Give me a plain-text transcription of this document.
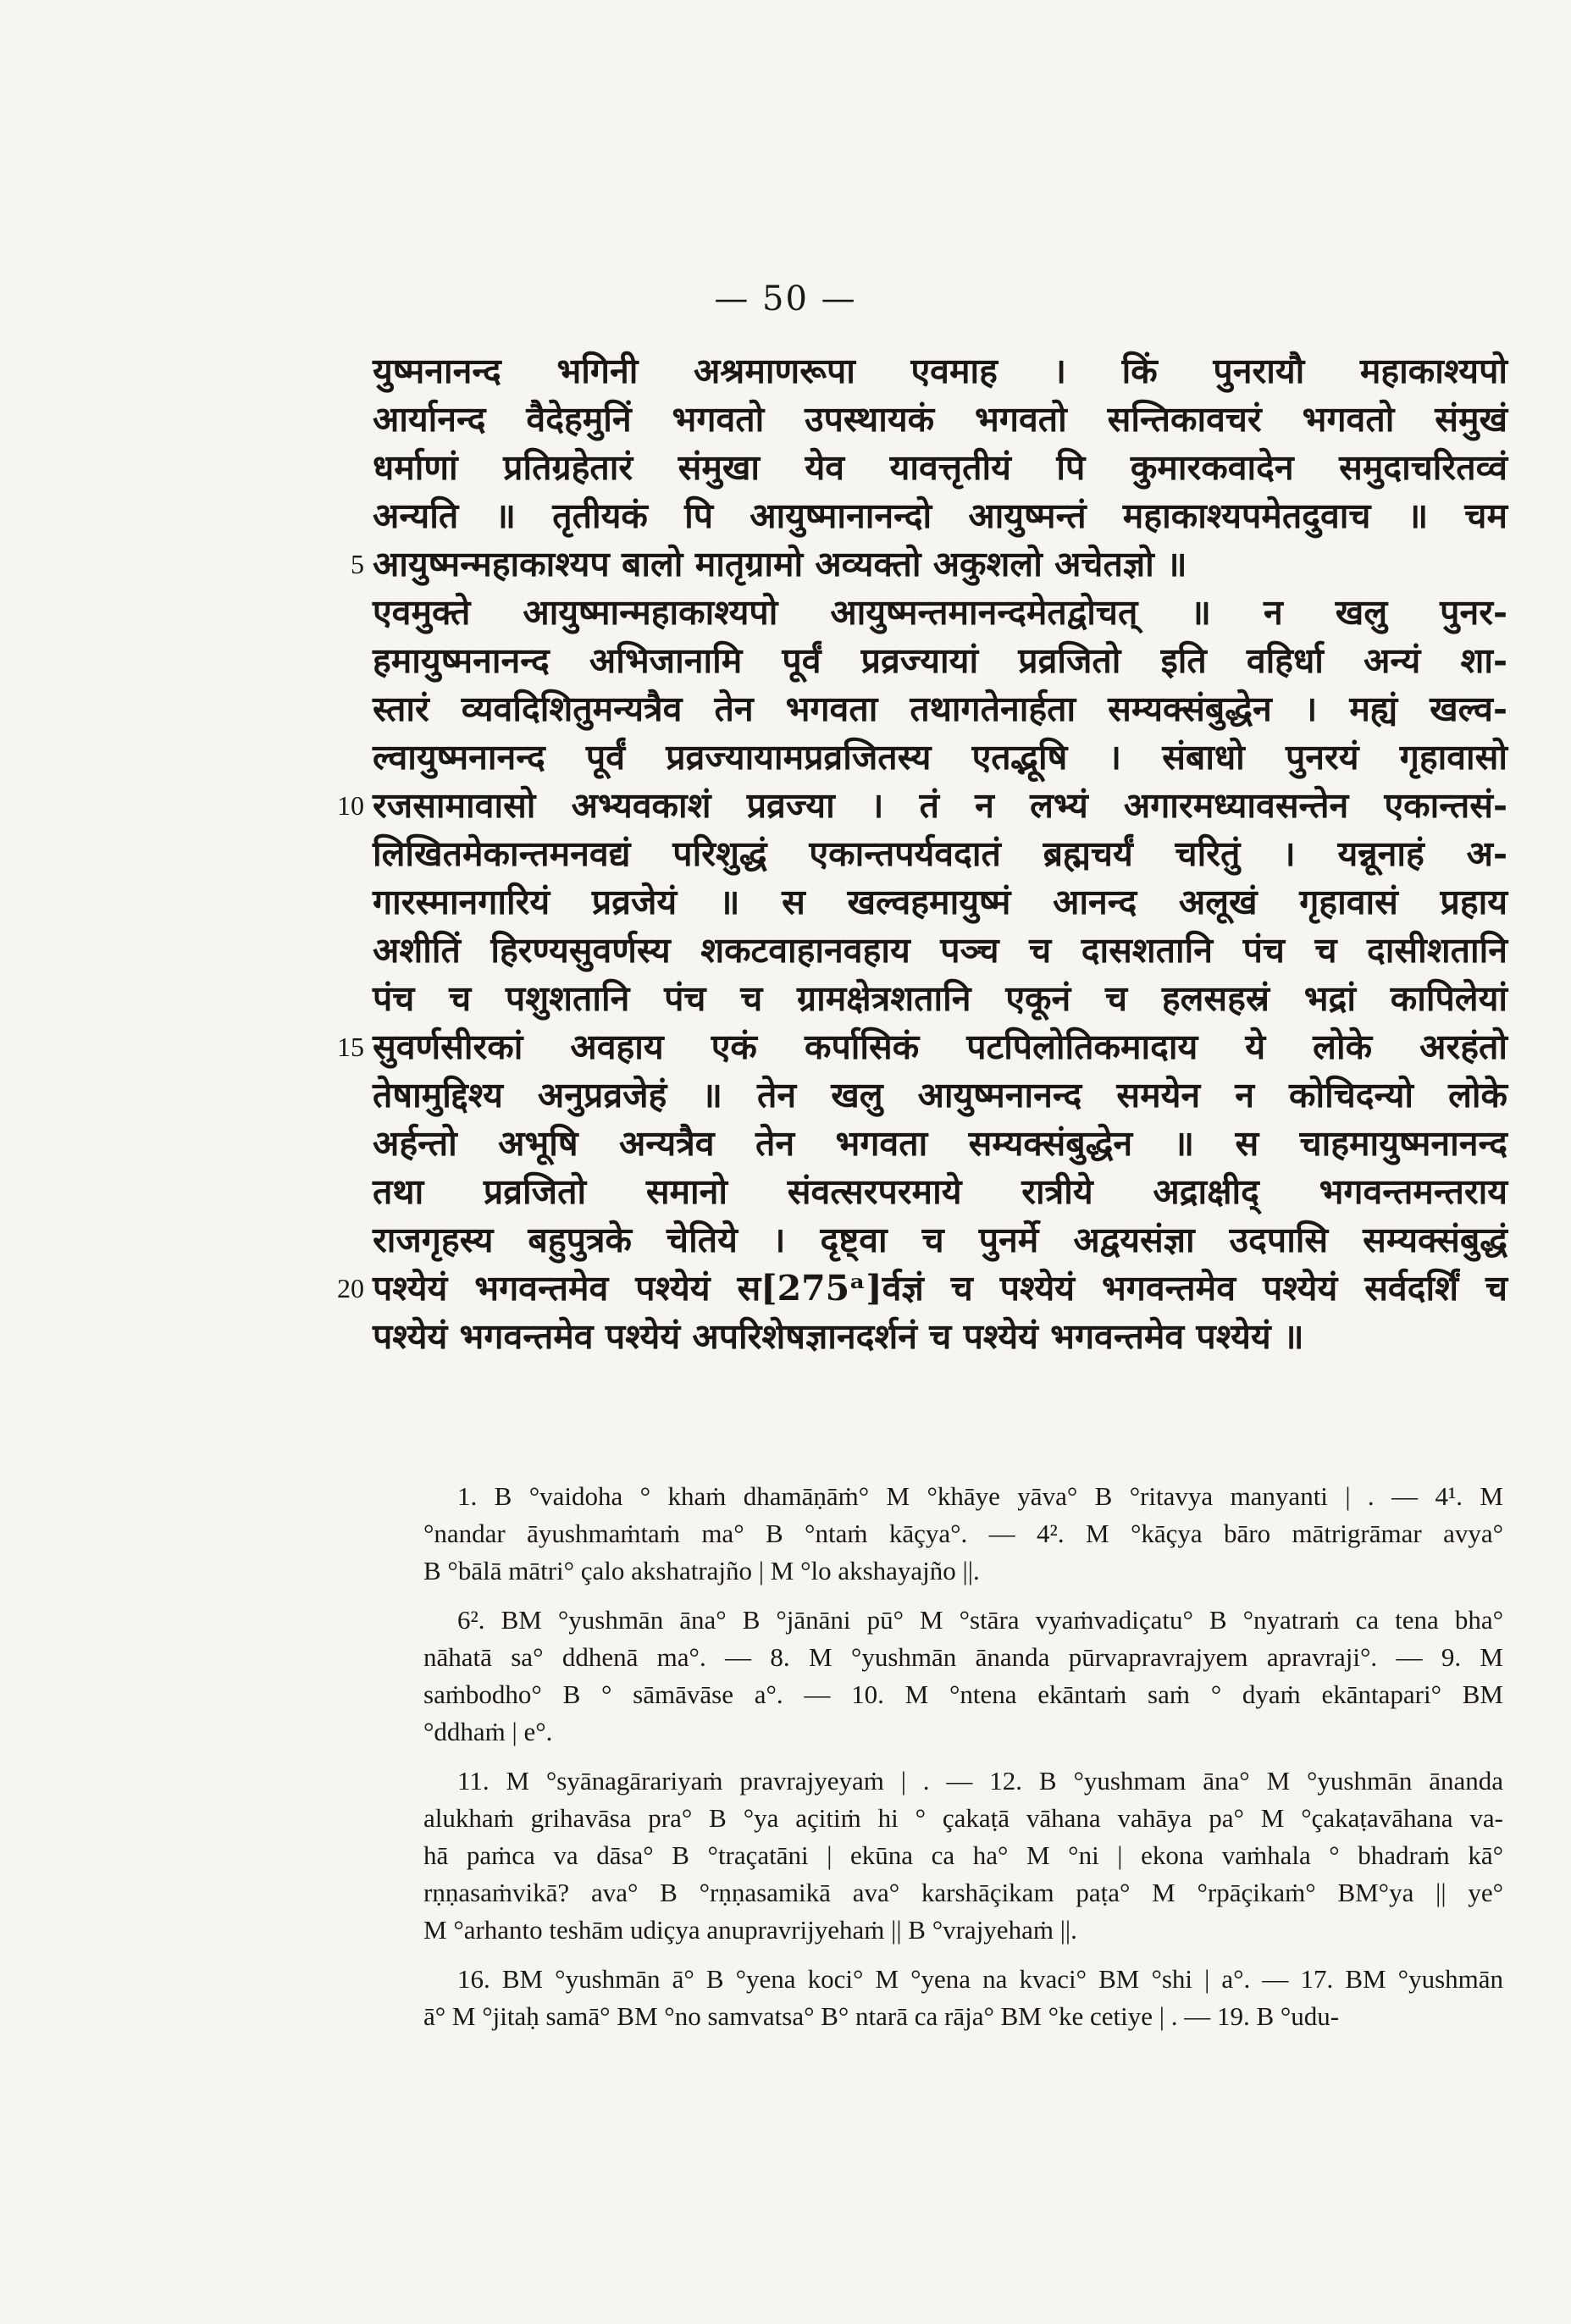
— 50 —
युष्मनानन्द भगिनी अश्रमाणरूपा एवमाह । किं पुनरायौ महाकाश्यपो
आर्यानन्द वैदेहमुनिं भगवतो उपस्थायकं भगवतो सन्तिकावचरं भगवतो संमुखं
धर्माणां प्रतिग्रहेतारं संमुखा येव यावत्तृतीयं पि कुमारकवादेन समुदाचरितव्वं
अन्यति ॥ तृतीयकं पि आयुष्मानानन्दो आयुष्मन्तं महाकाश्यपमेतदुवाच ॥ चम
5 आयुष्मन्महाकाश्यप बालो मातृग्रामो अव्यक्तो अकुशलो अचेतज्ञो ॥
एवमुक्ते आयुष्मान्महाकाश्यपो आयुष्मन्तमानन्दमेतद्वोचत् ॥ न खलु पुनर-
हमायुष्मनानन्द अभिजानामि पूर्वं प्रव्रज्यायां प्रव्रजितो इति वहिर्धा अन्यं शा-
स्तारं व्यवदिशितुमन्यत्रैव तेन भगवता तथागतेनार्हता सम्यक्संबुद्धेन । मह्यं खल्व-
ल्वायुष्मनानन्द पूर्वं प्रव्रज्यायामप्रव्रजितस्य एतद्भूषि । संबाधो पुनरयं गृहावासो
10 रजसामावासो अभ्यवकाशं प्रव्रज्या । तं न लभ्यं अगारमध्यावसन्तेन एकान्तसं-
लिखितमेकान्तमनवद्यं परिशुद्धं एकान्तपर्यवदातं ब्रह्मचर्यं चरितुं । यन्नूनाहं अ-
गारस्मानगारियं प्रव्रजेयं ॥ स खल्वहमायुष्मं आनन्द अलूखं गृहावासं प्रहाय
अशीतिं हिरण्यसुवर्णस्य शकटवाहानवहाय पञ्च च दासशतानि पंच च दासीशतानि
पंच च पशुशतानि पंच च ग्रामक्षेत्रशतानि एकूनं च हलसहस्रं भद्रां कापिलेयां
15 सुवर्णसीरकां अवहाय एकं कर्पासिकं पटपिलोतिकमादाय ये लोके अरहंतो
तेषामुद्दिश्य अनुप्रव्रजेहं ॥ तेन खलु आयुष्मनानन्द समयेन न कोचिदन्यो लोके
अर्हन्तो अभूषि अन्यत्रैव तेन भगवता सम्यक्संबुद्धेन ॥ स चाहमायुष्मनानन्द
तथा प्रव्रजितो समानो संवत्सरपरमाये रात्रीये अद्राक्षीद् भगवन्तमन्तराय
राजगृहस्य बहुपुत्रके चेतिये । दृष्ट्वा च पुनर्मे अद्वयसंज्ञा उदपासि सम्यक्संबुद्धं
20 पश्येयं भगवन्तमेव पश्येयं स[275ᵃ]र्वज्ञं च पश्येयं भगवन्तमेव पश्येयं सर्वदर्शिं च
पश्येयं भगवन्तमेव पश्येयं अपरिशेषज्ञानदर्शनं च पश्येयं भगवन्तमेव पश्येयं ॥
1. B °vaidoha ° khaṁ dhamāṇāṁ° M °khāye yāva° B °ritavya manyanti | . — 4¹. M
°nandar āyushmaṁtaṁ ma° B °ntaṁ kāçya°. — 4². M °kāçya bāro mātrigrāmar avya°
B °bālā mātri° çalo akshatrajño | M °lo akshayajño ||.
6². BM °yushmān āna° B °jānāni pū° M °stāra vyaṁvadiçatu° B °nyatraṁ ca tena bha°
nāhatā sa° ddhenā ma°. — 8. M °yushmān ānanda pūrvapravrajyem apravraji°. — 9. M
saṁbodho° B ° sāmāvāse a°. — 10. M °ntena ekāntaṁ saṁ ° dyaṁ ekāntapari° BM
°ddhaṁ | e°.
11. M °syānagārariyaṁ pravrajyeyaṁ | . — 12. B °yushmam āna° M °yushmān ānanda
alukhaṁ grihavāsa pra° B °ya açitiṁ hi ° çakaṭā vāhana vahāya pa° M °çakaṭavāhana va-
hā paṁca va dāsa° B °traçatāni | ekūna ca ha° M °ni | ekona vaṁhala ° bhadraṁ kā°
rṇṇasaṁvikā? ava° B °rṇṇasamikā ava° karshāçikam paṭa° M °rpāçikaṁ° BM°ya || ye°
M °arhanto teshām udiçya anupravrijyehaṁ || B °vrajyehaṁ ||.
16. BM °yushmān ā° B °yena koci° M °yena na kvaci° BM °shi | a°. — 17. BM °yushmān
ā° M °jitaḥ samā° BM °no samvatsa° B° ntarā ca rāja° BM °ke cetiye | . — 19. B °udu-
